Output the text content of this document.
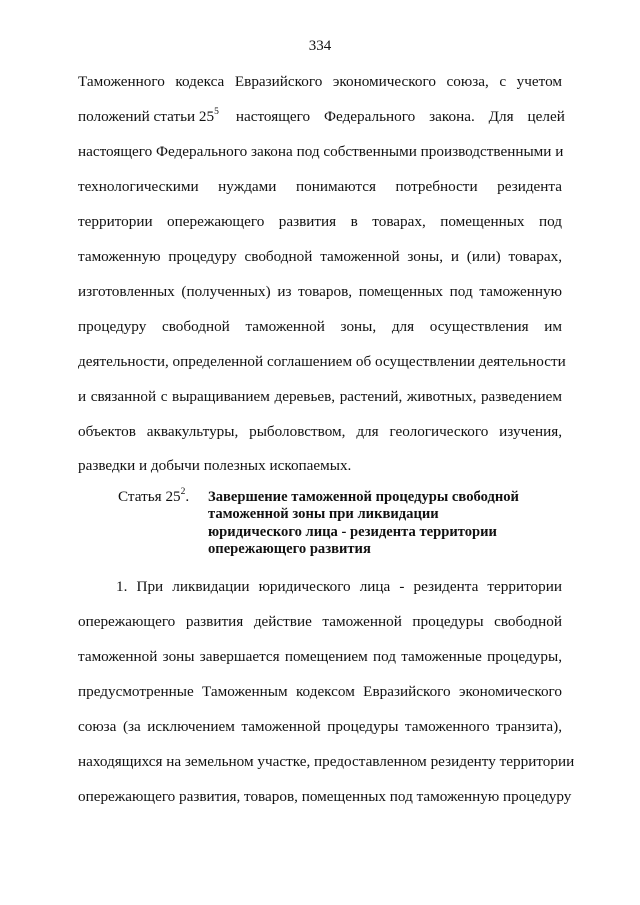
334
Таможенного кодекса Евразийского экономического союза, с учетом
положений статьи $25^5$ настоящего Федерального закона. Для целей
настоящего Федерального закона под собственными производственными и
технологическими нуждами понимаются потребности резидента
территории опережающего развития в товарах, помещенных под
таможенную процедуру свободной таможенной зоны, и (или) товарах,
изготовленных (полученных) из товаров, помещенных под таможенную
процедуру свободной таможенной зоны, для осуществления им
деятельности, определенной соглашением об осуществлении деятельности
и связанной с выращиванием деревьев, растений, животных, разведением
объектов аквакультуры, рыболовством, для геологического изучения,
разведки и добычи полезных ископаемых.
Статья $25^2$. Завершение таможенной процедуры свободной
таможенной зоны при ликвидации
юридического лица - резидента территории
опережающего развития
1. При ликвидации юридического лица - резидента территории
опережающего развития действие таможенной процедуры свободной
таможенной зоны завершается помещением под таможенные процедуры,
предусмотренные Таможенным кодексом Евразийского экономического
союза (за исключением таможенной процедуры таможенного транзита),
находящихся на земельном участке, предоставленном резиденту территории
опережающего развития, товаров, помещенных под таможенную процедуру
